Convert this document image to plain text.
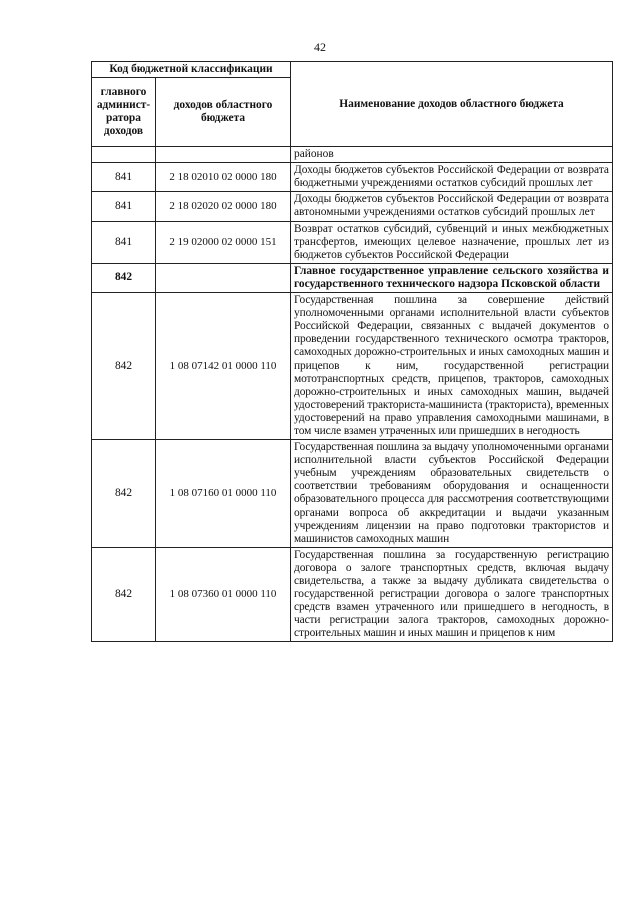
42
Код бюджетной классификации		Наименование доходов областного бюджета
главного админист-ратора доходов	доходов областного бюджета	
		районов
841	2 18 02010 02 0000 180	Доходы бюджетов субъектов Российской Федерации от возврата бюджетными учреждениями остатков субсидий прошлых лет
841	2 18 02020 02 0000 180	Доходы бюджетов субъектов Российской Федерации от возврата автономными учреждениями остатков субсидий прошлых лет
841	2 19 02000 02 0000 151	Возврат остатков субсидий, субвенций и иных межбюджетных трансфертов, имеющих целевое назначение, прошлых лет из бюджетов субъектов Российской Федерации
842		Главное государственное управление сельского хозяйства и государственного технического надзора Псковской области
842	1 08 07142 01 0000 110	Государственная пошлина за совершение действий уполномоченными органами исполнительной власти субъектов Российской Федерации, связанных с выдачей документов о проведении государственного технического осмотра тракторов, самоходных дорожно-строительных и иных самоходных машин и прицепов к ним, государственной регистрации мототранспортных средств, прицепов, тракторов, самоходных дорожно-строительных и иных самоходных машин, выдачей удостоверений тракториста-машиниста (тракториста), временных удостоверений на право управления самоходными машинами, в том числе взамен утраченных или пришедших в негодность
842	1 08 07160 01 0000 110	Государственная пошлина за выдачу уполномоченными органами исполнительной власти субъектов Российской Федерации учебным учреждениям образовательных свидетельств о соответствии требованиям оборудования и оснащенности образовательного процесса для рассмотрения соответствующими органами вопроса об аккредитации и выдачи указанным учреждениям лицензии на право подготовки трактористов и машинистов самоходных машин
842	1 08 07360 01 0000 110	Государственная пошлина за государственную регистрацию договора о залоге транспортных средств, включая выдачу свидетельства, а также за выдачу дубликата свидетельства о государственной регистрации договора о залоге транспортных средств взамен утраченного или пришедшего в негодность, в части регистрации залога тракторов, самоходных дорожно-строительных машин и иных машин и прицепов к ним
